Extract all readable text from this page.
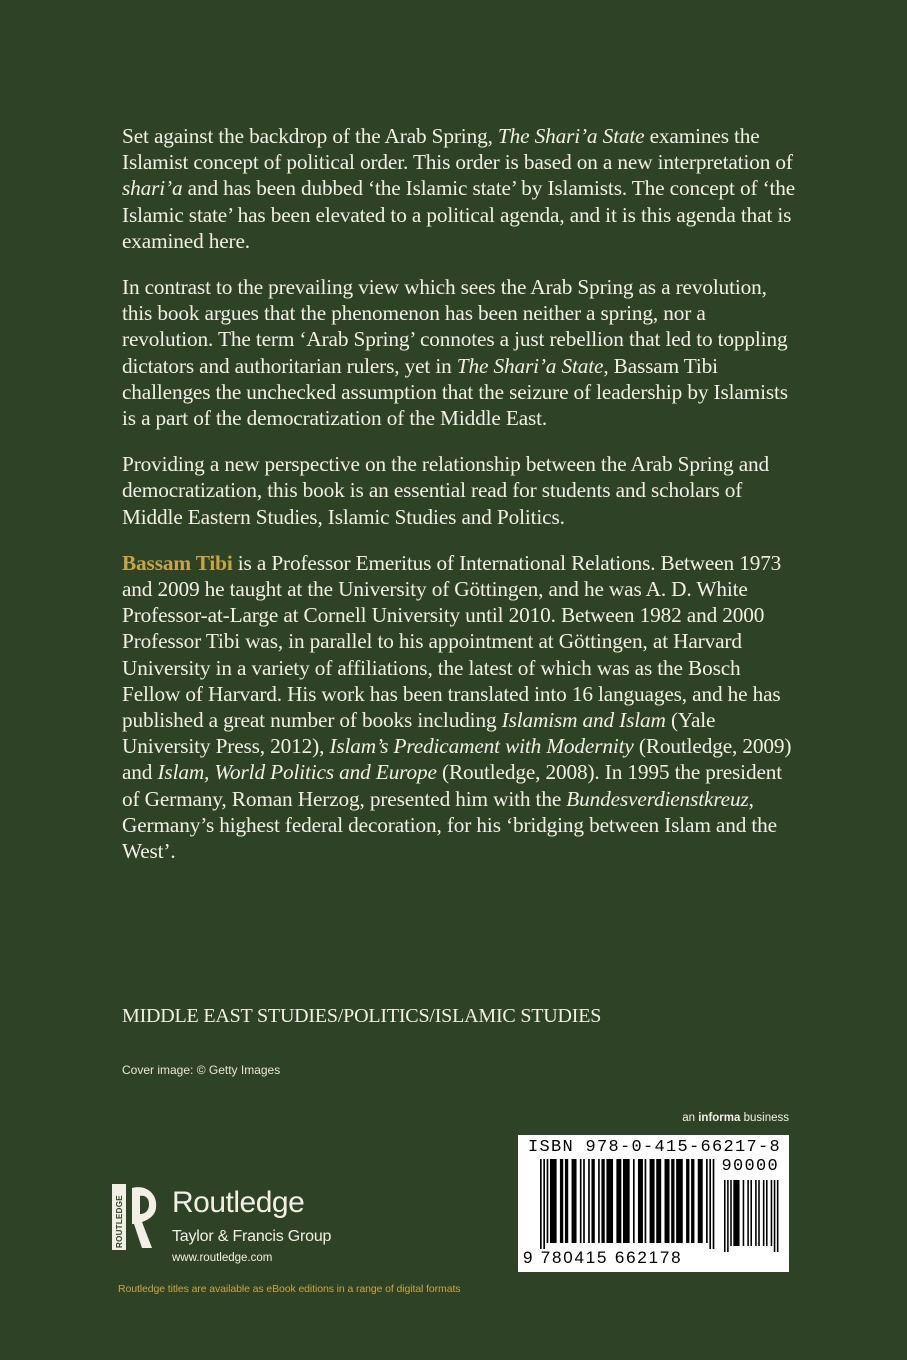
Set against the backdrop of the Arab Spring, The Shari’a State examines the Islamist concept of political order. This order is based on a new interpretation of shari’a and has been dubbed ‘the Islamic state’ by Islamists. The concept of ‘the Islamic state’ has been elevated to a political agenda, and it is this agenda that is examined here.

In contrast to the prevailing view which sees the Arab Spring as a revolution, this book argues that the phenomenon has been neither a spring, nor a revolution. The term ‘Arab Spring’ connotes a just rebellion that led to toppling dictators and authoritarian rulers, yet in The Shari’a State, Bassam Tibi challenges the unchecked assumption that the seizure of leadership by Islamists is a part of the democratization of the Middle East.

Providing a new perspective on the relationship between the Arab Spring and democratization, this book is an essential read for students and scholars of Middle Eastern Studies, Islamic Studies and Politics.

Bassam Tibi is a Professor Emeritus of International Relations. Between 1973 and 2009 he taught at the University of Göttingen, and he was A. D. White Professor-at-Large at Cornell University until 2010. Between 1982 and 2000 Professor Tibi was, in parallel to his appointment at Göttingen, at Harvard University in a variety of affiliations, the latest of which was as the Bosch Fellow of Harvard. His work has been translated into 16 languages, and he has published a great number of books including Islamism and Islam (Yale University Press, 2012), Islam’s Predicament with Modernity (Routledge, 2009) and Islam, World Politics and Europe (Routledge, 2008). In 1995 the president of Germany, Roman Herzog, presented him with the Bundesverdienstkreuz, Germany’s highest federal decoration, for his ‘bridging between Islam and the West’.

MIDDLE EAST STUDIES/POLITICS/ISLAMIC STUDIES
Cover image: © Getty Images
an informa business
ISBN 978-0-415-66217-8
90000
9 780415 662178
ROUTLEDGE Routledge
Taylor & Francis Group
www.routledge.com
Routledge titles are available as eBook editions in a range of digital formats
